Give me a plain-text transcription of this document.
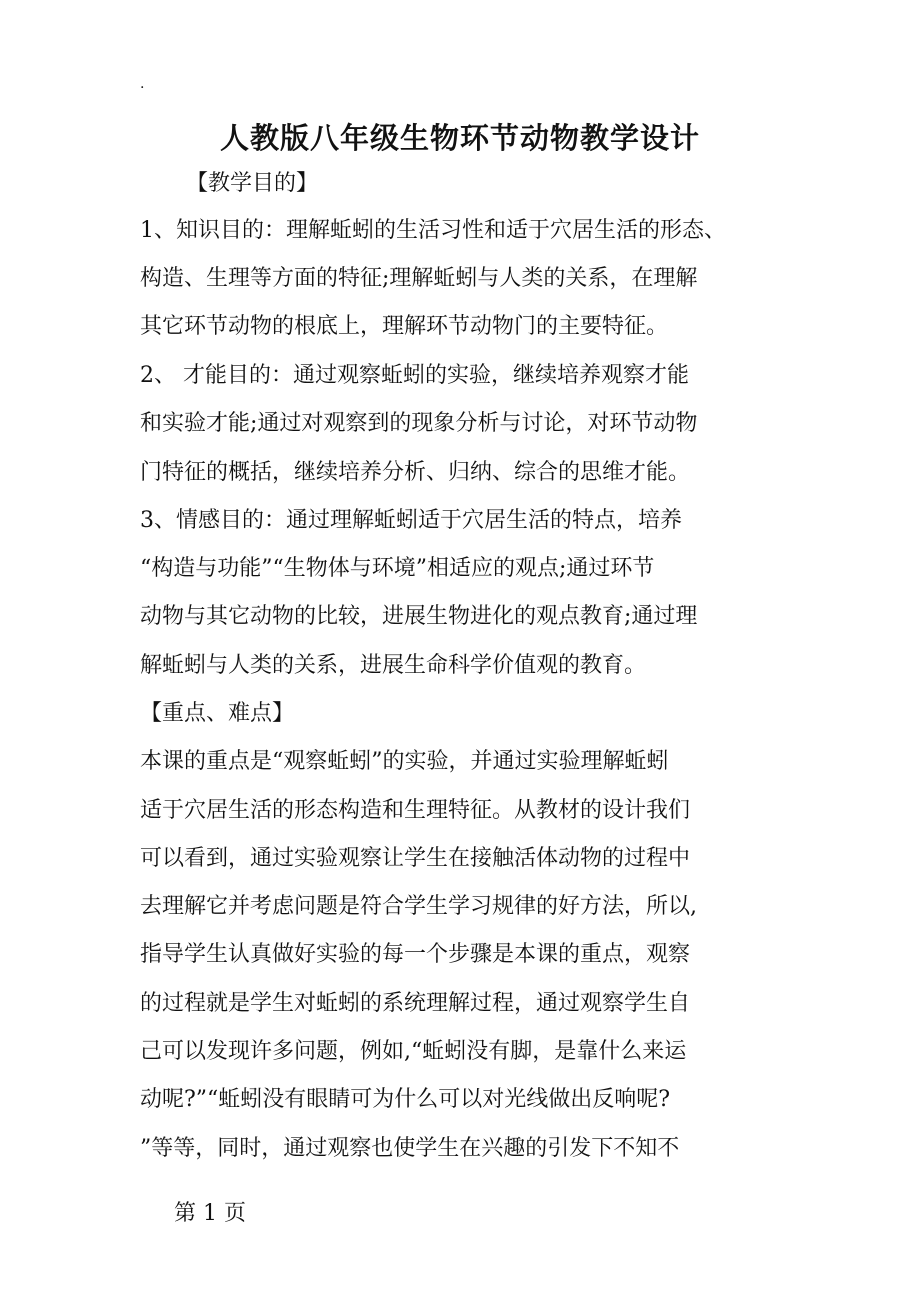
.
人教版八年级生物环节动物教学设计
【教学目的】
1、知识目的：理解蚯蚓的生活习性和适于穴居生活的形态、
构造、生理等方面的特征;理解蚯蚓与人类的关系，在理解
其它环节动物的根底上，理解环节动物门的主要特征。
2、 才能目的：通过观察蚯蚓的实验，继续培养观察才能
和实验才能;通过对观察到的现象分析与讨论，对环节动物
门特征的概括，继续培养分析、归纳、综合的思维才能。
3、情感目的：通过理解蚯蚓适于穴居生活的特点，培养
“构造与功能”“生物体与环境”相适应的观点;通过环节
动物与其它动物的比较，进展生物进化的观点教育;通过理
解蚯蚓与人类的关系，进展生命科学价值观的教育。
【重点、难点】
本课的重点是“观察蚯蚓”的实验，并通过实验理解蚯蚓
适于穴居生活的形态构造和生理特征。从教材的设计我们
可以看到，通过实验观察让学生在接触活体动物的过程中
去理解它并考虑问题是符合学生学习规律的好方法，所以,
指导学生认真做好实验的每一个步骤是本课的重点，观察
的过程就是学生对蚯蚓的系统理解过程，通过观察学生自
己可以发现许多问题，例如,“蚯蚓没有脚，是靠什么来运
动呢?”“蚯蚓没有眼睛可为什么可以对光线做出反响呢?
”等等，同时，通过观察也使学生在兴趣的引发下不知不
第 1 页
